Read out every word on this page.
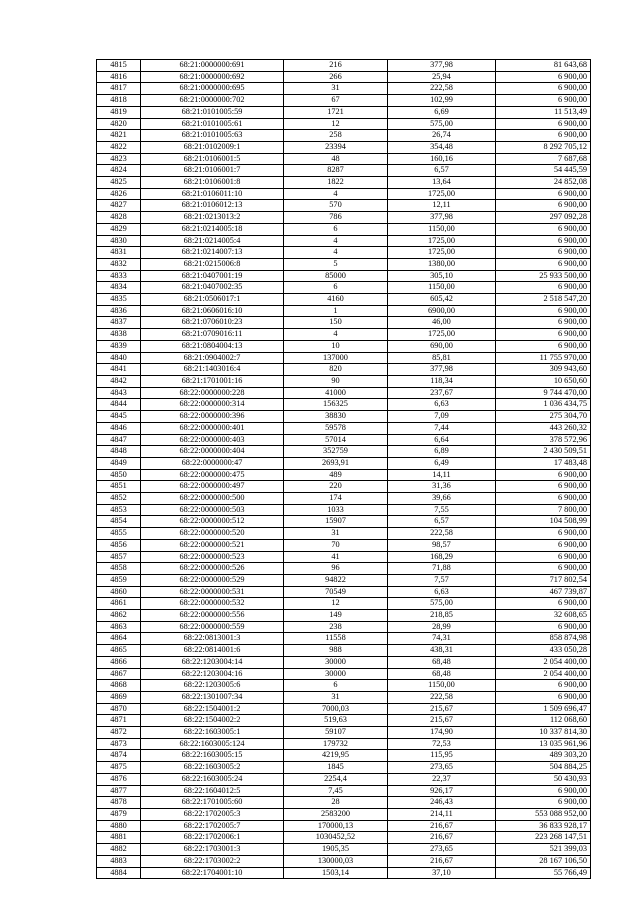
4815	68:21:0000000:691	216	377,98	81 643,68
4816	68:21:0000000:692	266	25,94	6 900,00
4817	68:21:0000000:695	31	222,58	6 900,00
4818	68:21:0000000:702	67	102,99	6 900,00
4819	68:21:0101005:59	1721	6,69	11 513,49
4820	68:21:0101005:61	12	575,00	6 900,00
4821	68:21:0101005:63	258	26,74	6 900,00
4822	68:21:0102009:1	23394	354,48	8 292 705,12
4823	68:21:0106001:5	48	160,16	7 687,68
4824	68:21:0106001:7	8287	6,57	54 445,59
4825	68:21:0106001:8	1822	13,64	24 852,08
4826	68:21:0106011:10	4	1725,00	6 900,00
4827	68:21:0106012:13	570	12,11	6 900,00
4828	68:21:0213013:2	786	377,98	297 092,28
4829	68:21:0214005:18	6	1150,00	6 900,00
4830	68:21:0214005:4	4	1725,00	6 900,00
4831	68:21:0214007:13	4	1725,00	6 900,00
4832	68:21:0215006:8	5	1380,00	6 900,00
4833	68:21:0407001:19	85000	305,10	25 933 500,00
4834	68:21:0407002:35	6	1150,00	6 900,00
4835	68:21:0506017:1	4160	605,42	2 518 547,20
4836	68:21:0606016:10	1	6900,00	6 900,00
4837	68:21:0706010:23	150	46,00	6 900,00
4838	68:21:0709016:11	4	1725,00	6 900,00
4839	68:21:0804004:13	10	690,00	6 900,00
4840	68:21:0904002:7	137000	85,81	11 755 970,00
4841	68:21:1403016:4	820	377,98	309 943,60
4842	68:21:1701001:16	90	118,34	10 650,60
4843	68:22:0000000:228	41000	237,67	9 744 470,00
4844	68:22:0000000:314	156325	6,63	1 036 434,75
4845	68:22:0000000:396	38830	7,09	275 304,70
4846	68:22:0000000:401	59578	7,44	443 260,32
4847	68:22:0000000:403	57014	6,64	378 572,96
4848	68:22:0000000:404	352759	6,89	2 430 509,51
4849	68:22:0000000:47	2693,91	6,49	17 483,48
4850	68:22:0000000:475	489	14,11	6 900,00
4851	68:22:0000000:497	220	31,36	6 900,00
4852	68:22:0000000:500	174	39,66	6 900,00
4853	68:22:0000000:503	1033	7,55	7 800,00
4854	68:22:0000000:512	15907	6,57	104 508,99
4855	68:22:0000000:520	31	222,58	6 900,00
4856	68:22:0000000:521	70	98,57	6 900,00
4857	68:22:0000000:523	41	168,29	6 900,00
4858	68:22:0000000:526	96	71,88	6 900,00
4859	68:22:0000000:529	94822	7,57	717 802,54
4860	68:22:0000000:531	70549	6,63	467 739,87
4861	68:22:0000000:532	12	575,00	6 900,00
4862	68:22:0000000:556	149	218,85	32 608,65
4863	68:22:0000000:559	238	28,99	6 900,00
4864	68:22:0813001:3	11558	74,31	858 874,98
4865	68:22:0814001:6	988	438,31	433 050,28
4866	68:22:1203004:14	30000	68,48	2 054 400,00
4867	68:22:1203004:16	30000	68,48	2 054 400,00
4868	68:22:1203005:6	6	1150,00	6 900,00
4869	68:22:1301007:34	31	222,58	6 900,00
4870	68:22:1504001:2	7000,03	215,67	1 509 696,47
4871	68:22:1504002:2	519,63	215,67	112 068,60
4872	68:22:1603005:1	59107	174,90	10 337 814,30
4873	68:22:1603005:124	179732	72,53	13 035 961,96
4874	68:22:1603005:15	4219,95	115,95	489 303,20
4875	68:22:1603005:2	1845	273,65	504 884,25
4876	68:22:1603005:24	2254,4	22,37	50 430,93
4877	68:22:1604012:5	7,45	926,17	6 900,00
4878	68:22:1701005:60	28	246,43	6 900,00
4879	68:22:1702005:3	2583200	214,11	553 088 952,00
4880	68:22:1702005:7	170000,13	216,67	36 833 928,17
4881	68:22:1702006:1	1030452,52	216,67	223 268 147,51
4882	68:22:1703001:3	1905,35	273,65	521 399,03
4883	68:22:1703002:2	130000,03	216,67	28 167 106,50
4884	68:22:1704001:10	1503,14	37,10	55 766,49
